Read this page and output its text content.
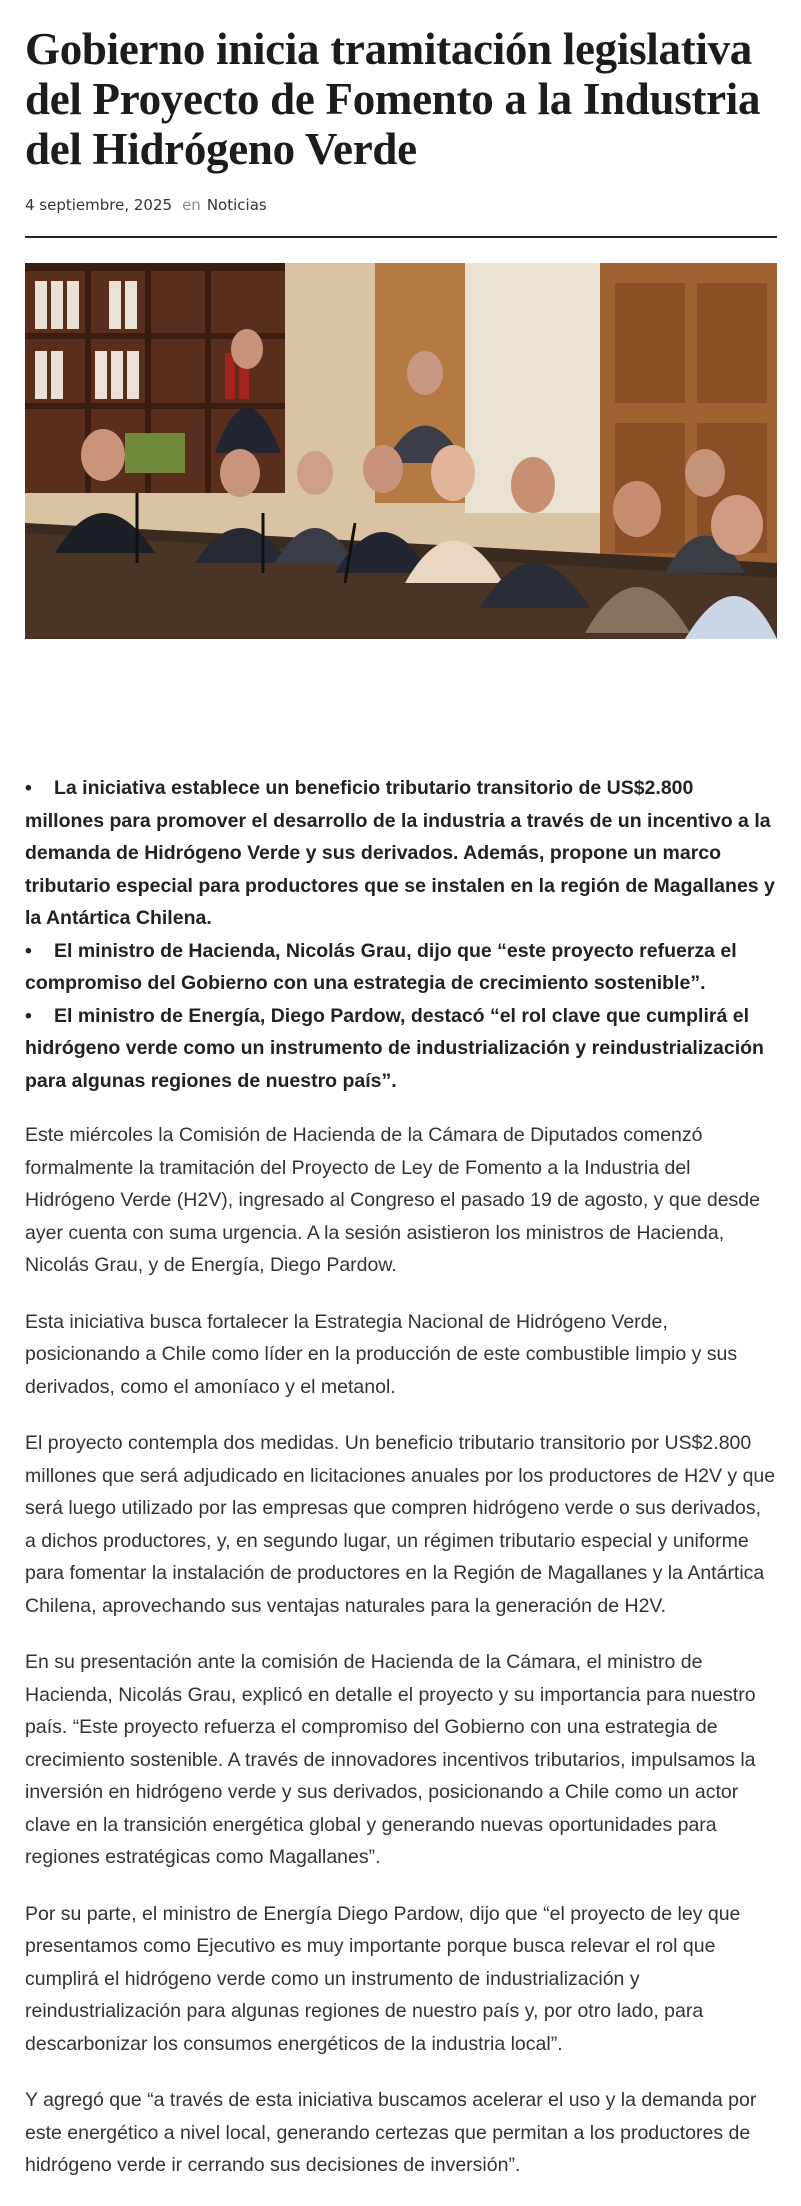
Gobierno inicia tramitación legislativa del Proyecto de Fomento a la Industria del Hidrógeno Verde
4 septiembre, 2025 en Noticias

• La iniciativa establece un beneficio tributario transitorio de US$2.800 millones para promover el desarrollo de la industria a través de un incentivo a la demanda de Hidrógeno Verde y sus derivados. Además, propone un marco tributario especial para productores que se instalen en la región de Magallanes y la Antártica Chilena.

• El ministro de Hacienda, Nicolás Grau, dijo que “este proyecto refuerza el compromiso del Gobierno con una estrategia de crecimiento sostenible”.

• El ministro de Energía, Diego Pardow, destacó “el rol clave que cumplirá el hidrógeno verde como un instrumento de industrialización y reindustrialización para algunas regiones de nuestro país”.

Este miércoles la Comisión de Hacienda de la Cámara de Diputados comenzó formalmente la tramitación del Proyecto de Ley de Fomento a la Industria del Hidrógeno Verde (H2V), ingresado al Congreso el pasado 19 de agosto, y que desde ayer cuenta con suma urgencia. A la sesión asistieron los ministros de Hacienda, Nicolás Grau, y de Energía, Diego Pardow.

Esta iniciativa busca fortalecer la Estrategia Nacional de Hidrógeno Verde, posicionando a Chile como líder en la producción de este combustible limpio y sus derivados, como el amoníaco y el metanol.

El proyecto contempla dos medidas. Un beneficio tributario transitorio por US$2.800 millones que será adjudicado en licitaciones anuales por los productores de H2V y que será luego utilizado por las empresas que compren hidrógeno verde o sus derivados, a dichos productores, y, en segundo lugar, un régimen tributario especial y uniforme para fomentar la instalación de productores en la Región de Magallanes y la Antártica Chilena, aprovechando sus ventajas naturales para la generación de H2V.

En su presentación ante la comisión de Hacienda de la Cámara, el ministro de Hacienda, Nicolás Grau, explicó en detalle el proyecto y su importancia para nuestro país. “Este proyecto refuerza el compromiso del Gobierno con una estrategia de crecimiento sostenible. A través de innovadores incentivos tributarios, impulsamos la inversión en hidrógeno verde y sus derivados, posicionando a Chile como un actor clave en la transición energética global y generando nuevas oportunidades para regiones estratégicas como Magallanes”.

Por su parte, el ministro de Energía Diego Pardow, dijo que “el proyecto de ley que presentamos como Ejecutivo es muy importante porque busca relevar el rol que cumplirá el hidrógeno verde como un instrumento de industrialización y reindustrialización para algunas regiones de nuestro país y, por otro lado, para descarbonizar los consumos energéticos de la industria local”.

Y agregó que “a través de esta iniciativa buscamos acelerar el uso y la demanda por este energético a nivel local, generando certezas que permitan a los productores de hidrógeno verde ir cerrando sus decisiones de inversión”.
